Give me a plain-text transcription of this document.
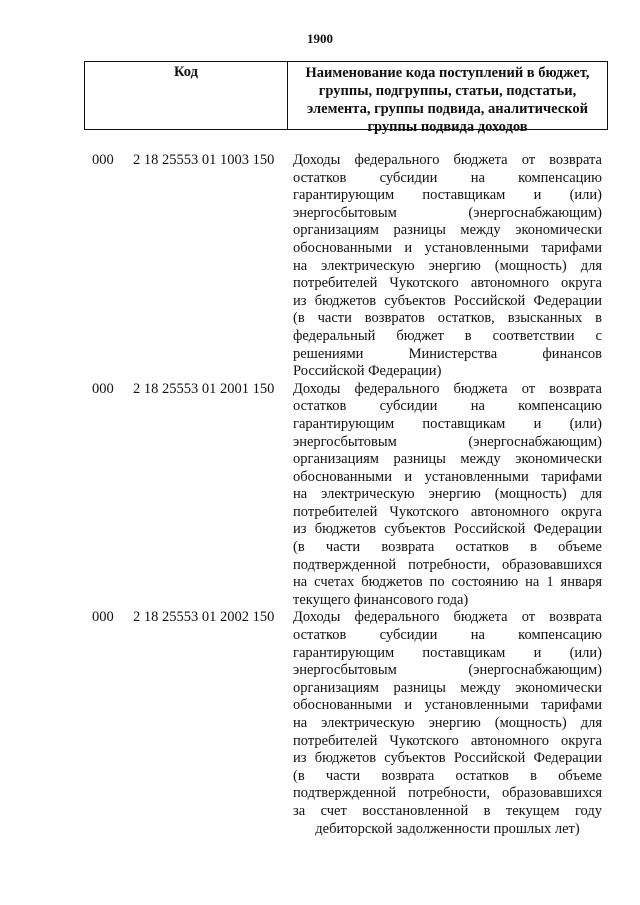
1900
Код	Наименование кода поступлений в бюджет, группы, подгруппы, статьи, подстатьи, элемента, группы подвида, аналитической группы подвида доходов
000 2 18 25553 01 1003 150 Доходы федерального бюджета от возврата
остатков субсидии на компенсацию
гарантирующим поставщикам и (или)
энергосбытовым (энергоснабжающим)
организациям разницы между экономически
обоснованными и установленными тарифами
на электрическую энергию (мощность) для
потребителей Чукотского автономного округа
из бюджетов субъектов Российской Федерации
(в части возвратов остатков, взысканных в
федеральный бюджет в соответствии с
решениями Министерства финансов
Российской Федерации)
000 2 18 25553 01 2001 150 Доходы федерального бюджета от возврата
остатков субсидии на компенсацию
гарантирующим поставщикам и (или)
энергосбытовым (энергоснабжающим)
организациям разницы между экономически
обоснованными и установленными тарифами
на электрическую энергию (мощность) для
потребителей Чукотского автономного округа
из бюджетов субъектов Российской Федерации
(в части возврата остатков в объеме
подтвержденной потребности, образовавшихся
на счетах бюджетов по состоянию на 1 января
текущего финансового года)
000 2 18 25553 01 2002 150 Доходы федерального бюджета от возврата
остатков субсидии на компенсацию
гарантирующим поставщикам и (или)
энергосбытовым (энергоснабжающим)
организациям разницы между экономически
обоснованными и установленными тарифами
на электрическую энергию (мощность) для
потребителей Чукотского автономного округа
из бюджетов субъектов Российской Федерации
(в части возврата остатков в объеме
подтвержденной потребности, образовавшихся
за счет восстановленной в текущем году
дебиторской задолженности прошлых лет)
